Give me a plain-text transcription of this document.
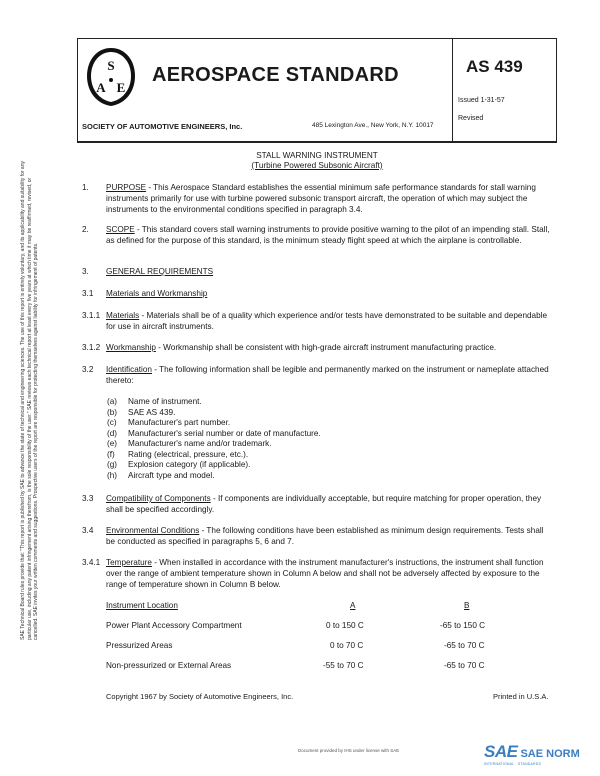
S
A E
AEROSPACE STANDARD
SOCIETY OF AUTOMOTIVE ENGINEERS, Inc.	485 Lexington Ave., New York, N.Y. 10017
AS 439
Issued 1-31-57
Revised
SAE Technical Board rules provide that: "This report is published by SAE to advance the state of technical and engineering sciences. The use of this report is entirely voluntary, and its applicability and suitability for any particular use, including any patent infringement arising therefrom, is the sole responsibility of the user." SAE reviews each technical report at least every five years at which time it may be reaffirmed, revised, or cancelled. SAE invites your written comments and suggestions. Prospective users of the report are responsible for protecting themselves against liability for infringement of patents.
STALL WARNING INSTRUMENT
(Turbine Powered Subsonic Aircraft)
1. PURPOSE - This Aerospace Standard establishes the essential minimum safe performance standards for stall warning instruments primarily for use with turbine powered subsonic transport aircraft, the operation of which may subject the instruments to the environmental conditions specified in paragraph 3.4.
2. SCOPE - This standard covers stall warning instruments to provide positive warning to the pilot of an impending stall. Stall, as defined for the purpose of this standard, is the minimum steady flight speed at which the airplane is controllable.
3. GENERAL REQUIREMENTS
3.1 Materials and Workmanship
3.1.1 Materials - Materials shall be of a quality which experience and/or tests have demonstrated to be suitable and dependable for use in aircraft instruments.
3.1.2 Workmanship - Workmanship shall be consistent with high-grade aircraft instrument manufacturing practice.
3.2 Identification - The following information shall be legible and permanently marked on the instrument or nameplate attached thereto:
(a) Name of instrument.
(b) SAE AS 439.
(c) Manufacturer's part number.
(d) Manufacturer's serial number or date of manufacture.
(e) Manufacturer's name and/or trademark.
(f) Rating (electrical, pressure, etc.).
(g) Explosion category (if applicable).
(h) Aircraft type and model.
3.3 Compatibility of Components - If components are individually acceptable, but require matching for proper operation, they shall be specified accordingly.
3.4 Environmental Conditions - The following conditions have been established as minimum design requirements. Tests shall be conducted as specified in paragraphs 5, 6 and 7.
3.4.1 Temperature - When installed in accordance with the instrument manufacturer's instructions, the instrument shall function over the range of ambient temperature shown in Column A below and shall not be adversely affected by exposure to the range of temperature shown in Column B below.
Instrument Location	A	B
Power Plant Accessory Compartment	0 to 150 C	-65 to 150 C
Pressurized Areas	0 to 70 C	-65 to 70 C
Non-pressurized or External Areas	-55 to 70 C	-65 to 70 C
Copyright 1967 by Society of Automotive Engineers, Inc.	Printed in U.S.A.
Document provided by IHS under license with SAE	SAE SAE NORM
INTERNATIONAL · STANDARDS
